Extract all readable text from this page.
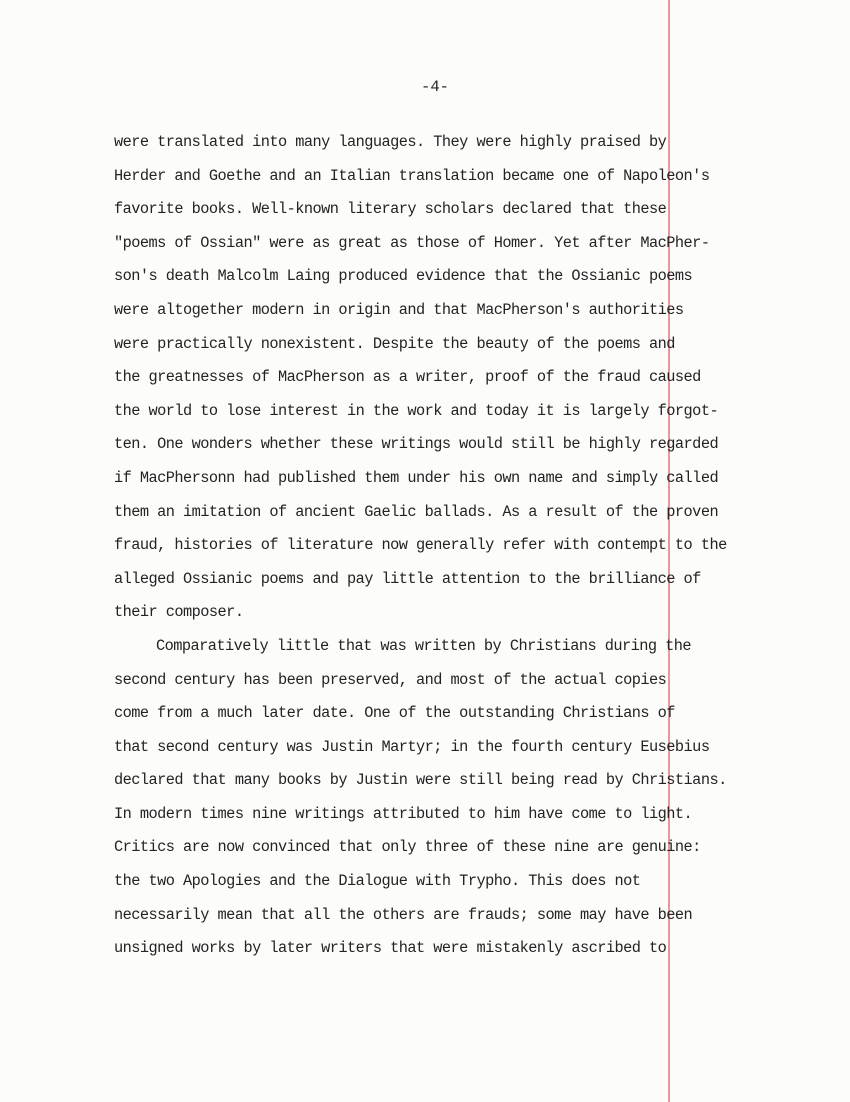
-4-
were translated into many languages. They were highly praised by
Herder and Goethe and an Italian translation became one of Napoleon's
favorite books. Well-known literary scholars declared that these
"poems of Ossian" were as great as those of Homer. Yet after MacPher-
son's death Malcolm Laing produced evidence that the Ossianic poems
were altogether modern in origin and that MacPherson's authorities
were practically nonexistent. Despite the beauty of the poems and
the greatnesses of MacPherson as a writer, proof of the fraud caused
the world to lose interest in the work and today it is largely forgot-
ten. One wonders whether these writings would still be highly regarded
if MacPhersonn had published them under his own name and simply called
them an imitation of ancient Gaelic ballads. As a result of the proven
fraud, histories of literature now generally refer with contempt to the
alleged Ossianic poems and pay little attention to the brilliance of
their composer.
Comparatively little that was written by Christians during the
second century has been preserved, and most of the actual copies
come from a much later date. One of the outstanding Christians of
that second century was Justin Martyr; in the fourth century Eusebius
declared that many books by Justin were still being read by Christians.
In modern times nine writings attributed to him have come to light.
Critics are now convinced that only three of these nine are genuine:
the two Apologies and the Dialogue with Trypho. This does not
necessarily mean that all the others are frauds; some may have been
unsigned works by later writers that were mistakenly ascribed to
